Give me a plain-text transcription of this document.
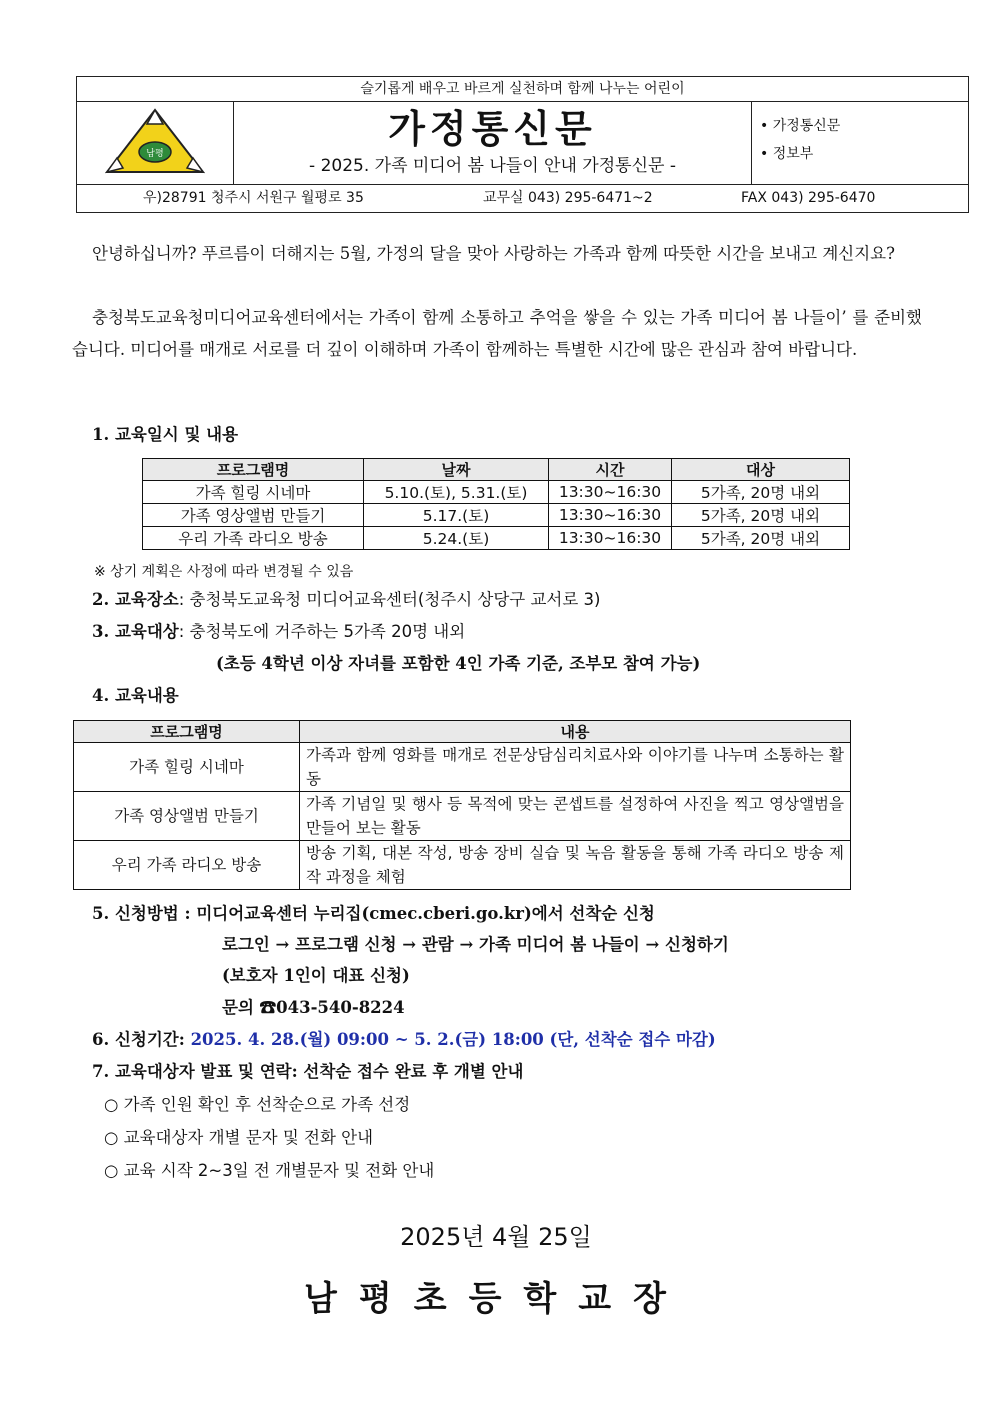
슬기롭게 배우고 바르게 실천하며 함께 나누는 어린이
남평
가정통신문
- 2025. 가족 미디어 봄 나들이 안내 가정통신문 -
• 가정통신문
• 정보부
우)28791 청주시 서원구 월평로 35	교무실 043) 295-6471~2	FAX 043) 295-6470
안녕하십니까? 푸르름이 더해지는 5월, 가정의 달을 맞아 사랑하는 가족과 함께 따뜻한 시간을 보내고 계신지요?
충청북도교육청미디어교육센터에서는 가족이 함께 소통하고 추억을 쌓을 수 있는 가족 미디어 봄 나들이’ 를 준비했습니다. 미디어를 매개로 서로를 더 깊이 이해하며 가족이 함께하는 특별한 시간에 많은 관심과 참여 바랍니다.
1. 교육일시 및 내용
프로그램명	날짜	시간	대상
가족 힐링 시네마	5.10.(토), 5.31.(토)	13:30~16:30	5가족, 20명 내외
가족 영상앨범 만들기	5.17.(토)	13:30~16:30	5가족, 20명 내외
우리 가족 라디오 방송	5.24.(토)	13:30~16:30	5가족, 20명 내외
※ 상기 계획은 사정에 따라 변경될 수 있음
2. 교육장소: 충청북도교육청 미디어교육센터(청주시 상당구 교서로 3)
3. 교육대상: 충청북도에 거주하는 5가족 20명 내외
(초등 4학년 이상 자녀를 포함한 4인 가족 기준, 조부모 참여 가능)
4. 교육내용
프로그램명	내용
가족 힐링 시네마	가족과 함께 영화를 매개로 전문상담심리치료사와 이야기를 나누며 소통하는 활동
가족 영상앨범 만들기	가족 기념일 및 행사 등 목적에 맞는 콘셉트를 설정하여 사진을 찍고 영상앨범을 만들어 보는 활동
우리 가족 라디오 방송	방송 기획, 대본 작성, 방송 장비 실습 및 녹음 활동을 통해 가족 라디오 방송 제작 과정을 체험
5. 신청방법 : 미디어교육센터 누리집(cmec.cberi.go.kr)에서 선착순 신청
로그인 → 프로그램 신청 → 관람 → 가족 미디어 봄 나들이 → 신청하기
(보호자 1인이 대표 신청)
문의 ☎043-540-8224
6. 신청기간: 2025. 4. 28.(월) 09:00 ~ 5. 2.(금) 18:00 (단, 선착순 접수 마감)
7. 교육대상자 발표 및 연락: 선착순 접수 완료 후 개별 안내
○ 가족 인원 확인 후 선착순으로 가족 선정
○ 교육대상자 개별 문자 및 전화 안내
○ 교육 시작 2~3일 전 개별문자 및 전화 안내
2025년 4월 25일
남평초등학교장
